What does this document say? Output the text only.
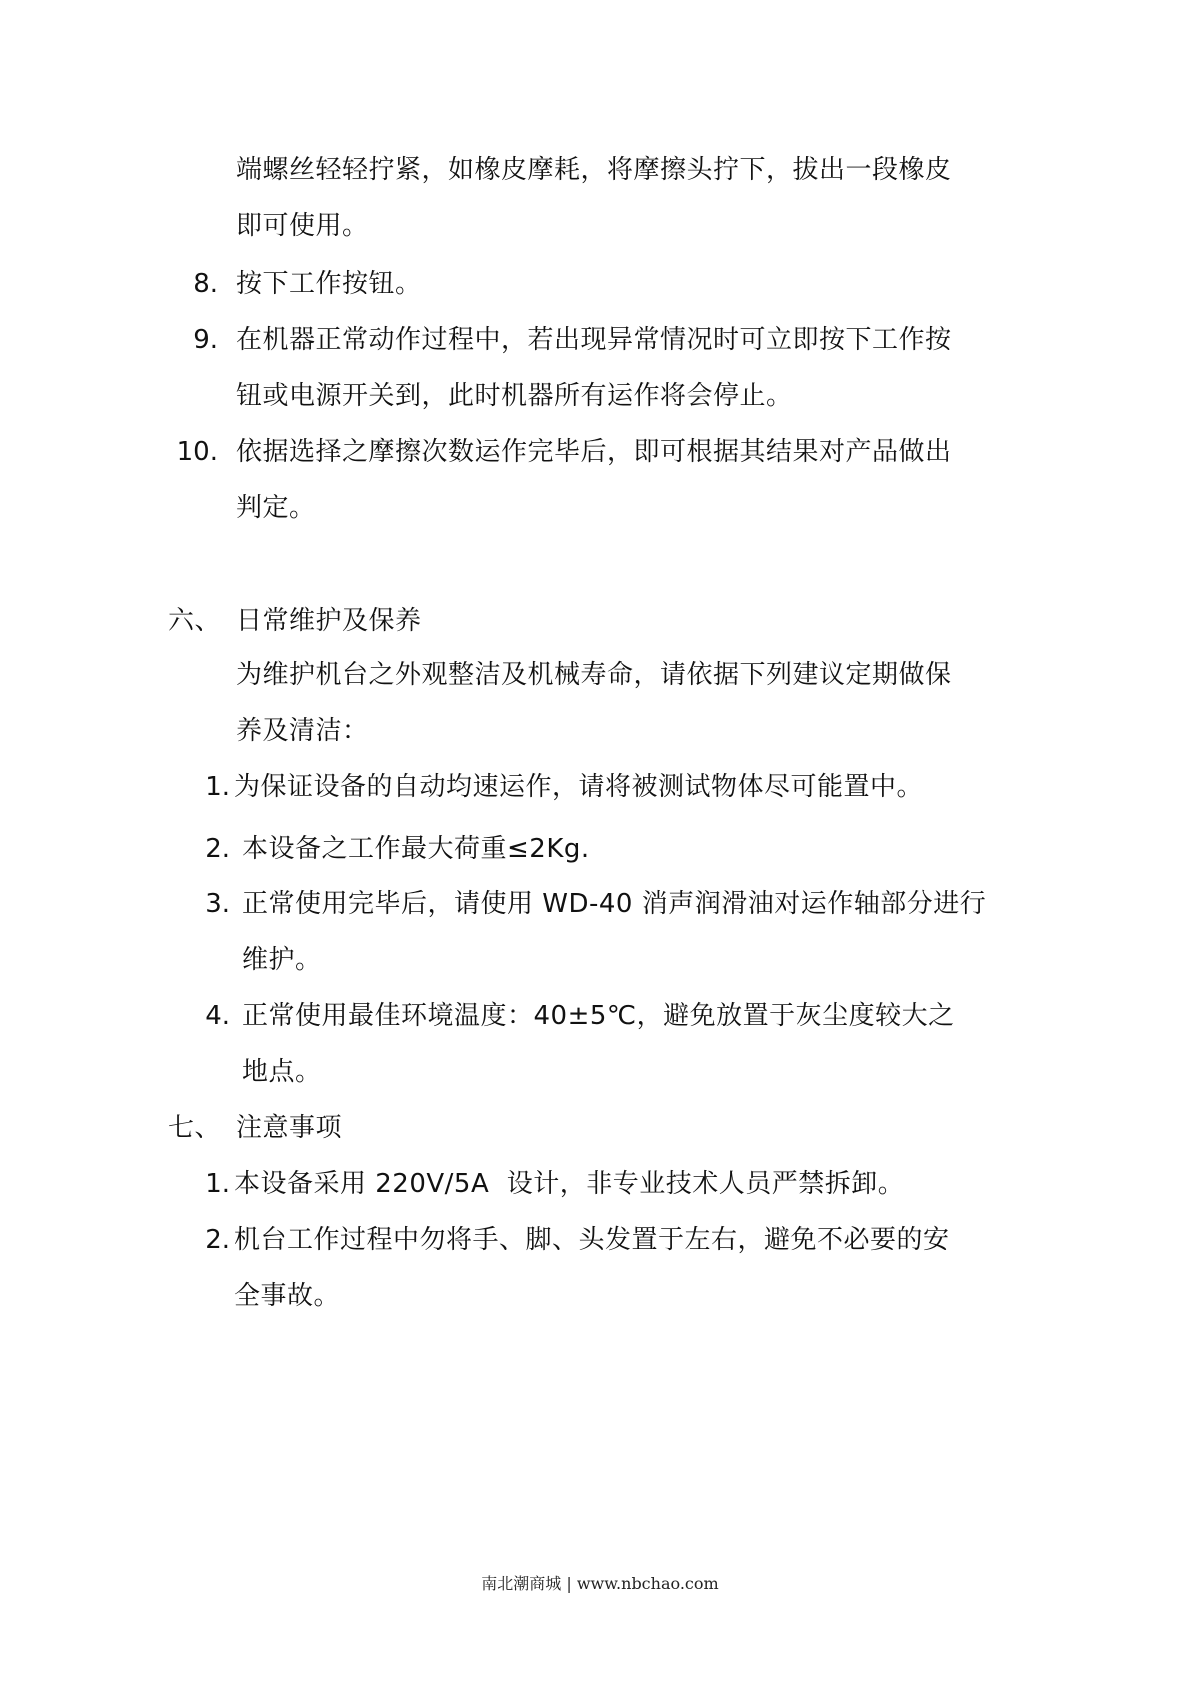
端螺丝轻轻拧紧，如橡皮摩耗，将摩擦头拧下，拔出一段橡皮
即可使用。
8. 按下工作按钮。
9. 在机器正常动作过程中，若出现异常情况时可立即按下工作按
钮或电源开关到，此时机器所有运作将会停止。
10. 依据选择之摩擦次数运作完毕后，即可根据其结果对产品做出
判定。
六、 日常维护及保养
为维护机台之外观整洁及机械寿命，请依据下列建议定期做保
养及清洁：
1. 为保证设备的自动均速运作，请将被测试物体尽可能置中。
2. 本设备之工作最大荷重≤2Kg.
3. 正常使用完毕后，请使用 WD-40 消声润滑油对运作轴部分进行
维护。
4. 正常使用最佳环境温度：40±5℃，避免放置于灰尘度较大之
地点。
七、 注意事项
1. 本设备采用 220V/5A  设计，非专业技术人员严禁拆卸。
2. 机台工作过程中勿将手、脚、头发置于左右，避免不必要的安
全事故。
南北潮商城 | www.nbchao.com
